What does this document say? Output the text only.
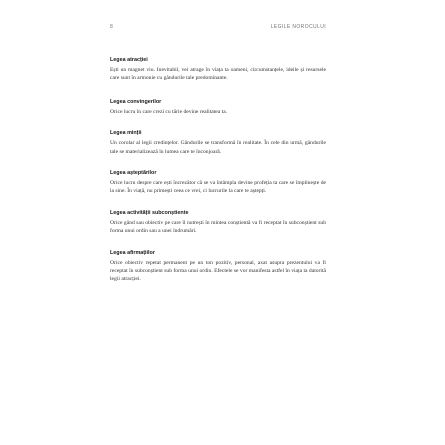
8	LEGILE NOROCULUI

Legea atracției

Ești un magnet viu. Inevitabil, vei atrage în viața ta oameni, circumstanțele, ideile și resursele care sunt în armonie cu gândurile tale predominante.

Legea convingerilor

Orice lucru în care crezi cu tărie devine realitatea ta.

Legea minții

Un corolar al legii credințelor. Gândurile se transformă în realitate. În cele din urmă, gândurile tale se materializează în lumea care te înconjoară.

Legea așteptărilor

Orice lucru despre care ești încrezător că se va întâmpla devine profeția ta care se împlinește de la sine. În viață, nu primești ceea ce vrei, ci lucrurile la care te aștepți.

Legea activității subconștiente

Orice gând sau obiectiv pe care îl nutrești în mintea conștientă va fi receptat în subconștient sub forma unui ordin sau a unei îndrumări.

Legea afirmațiilor

Orice obiectiv repetat permanent pe un ton pozitiv, personal, axat asupra prezentului va fi receptat în subconștient sub forma unui ordin. Efectele se vor manifesta astfel în viața ta datorită legii atracției.
